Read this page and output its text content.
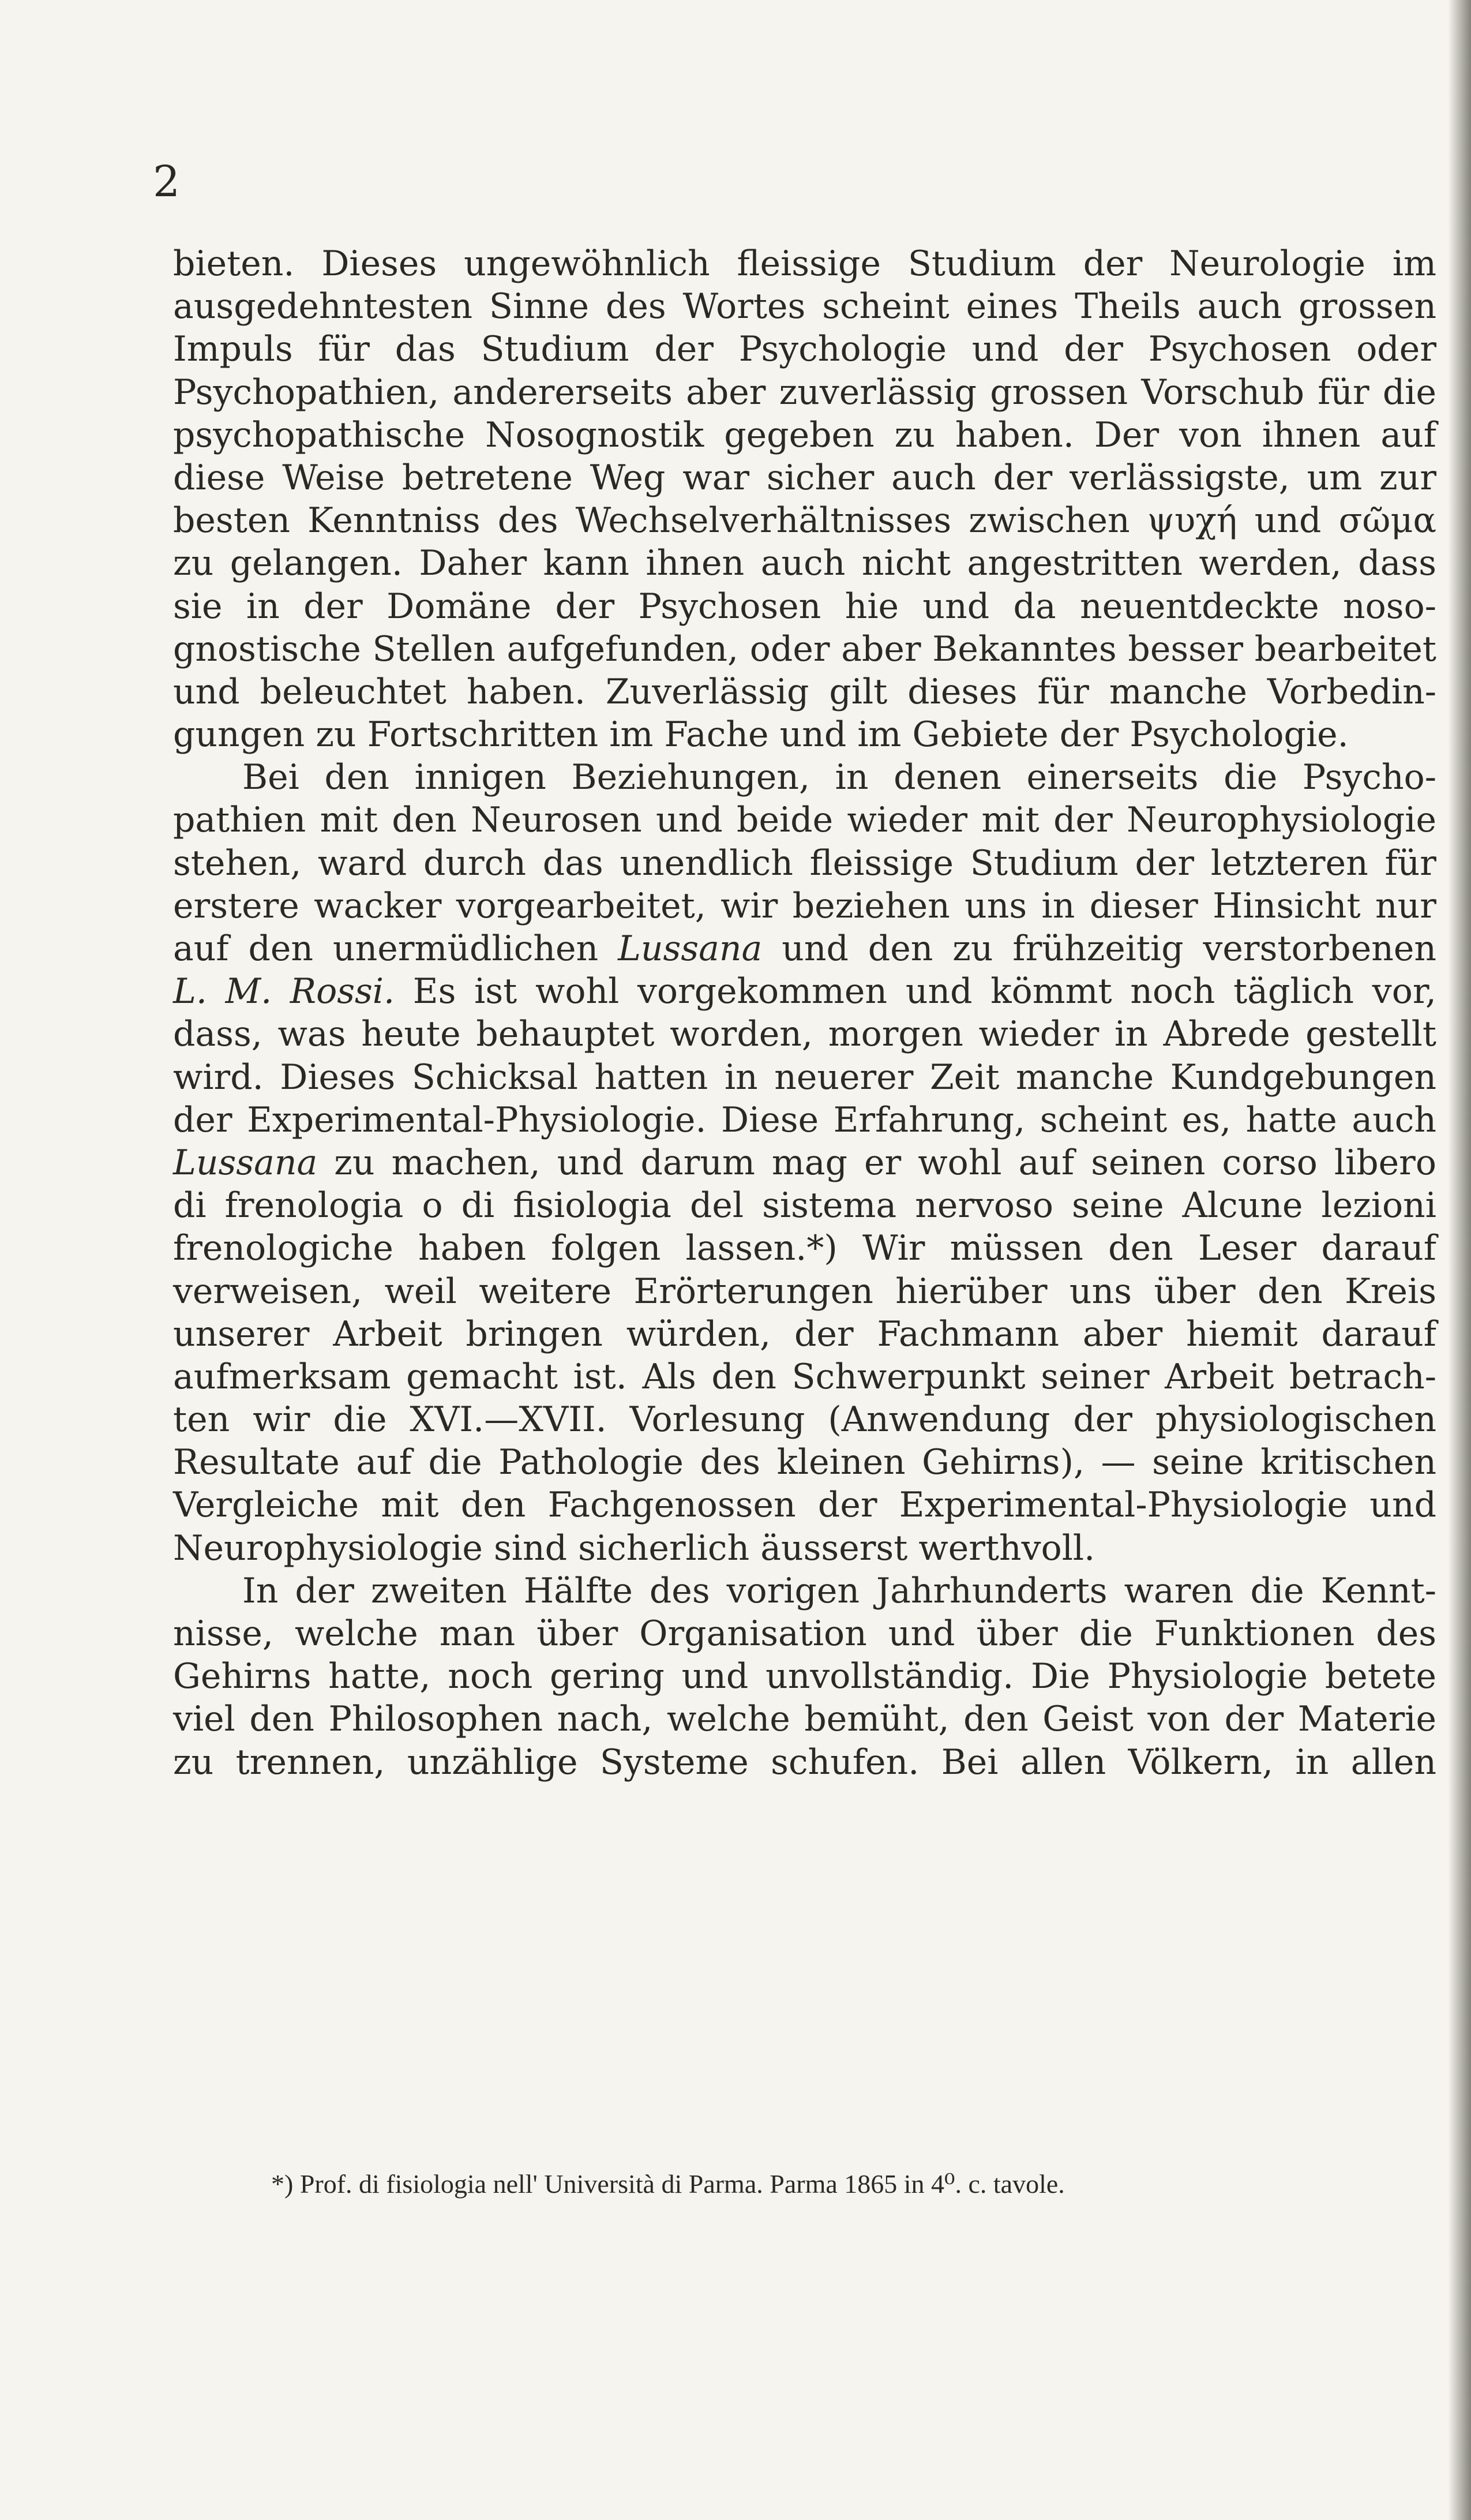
2
bieten. Dieses ungewöhnlich fleissige Studium der Neurologie im
ausgedehntesten Sinne des Wortes scheint eines Theils auch grossen
Impuls für das Studium der Psychologie und der Psychosen oder
Psychopathien, andererseits aber zuverlässig grossen Vorschub für die
psychopathische Nosognostik gegeben zu haben. Der von ihnen auf
diese Weise betretene Weg war sicher auch der verlässigste, um zur
besten Kenntniss des Wechselverhältnisses zwischen ψυχή und σῶμα
zu gelangen. Daher kann ihnen auch nicht angestritten werden, dass
sie in der Domäne der Psychosen hie und da neuentdeckte noso-
gnostische Stellen aufgefunden, oder aber Bekanntes besser bearbeitet
und beleuchtet haben. Zuverlässig gilt dieses für manche Vorbedin-
gungen zu Fortschritten im Fache und im Gebiete der Psychologie.
Bei den innigen Beziehungen, in denen einerseits die Psycho-
pathien mit den Neurosen und beide wieder mit der Neurophysiologie
stehen, ward durch das unendlich fleissige Studium der letzteren für
erstere wacker vorgearbeitet, wir beziehen uns in dieser Hinsicht nur
auf den unermüdlichen Lussana und den zu frühzeitig verstorbenen
L. M. Rossi. Es ist wohl vorgekommen und kömmt noch täglich vor,
dass, was heute behauptet worden, morgen wieder in Abrede gestellt
wird. Dieses Schicksal hatten in neuerer Zeit manche Kundgebungen
der Experimental-Physiologie. Diese Erfahrung, scheint es, hatte auch
Lussana zu machen, und darum mag er wohl auf seinen corso libero
di frenologia o di fisiologia del sistema nervoso seine Alcune lezioni
frenologiche haben folgen lassen.*) Wir müssen den Leser darauf
verweisen, weil weitere Erörterungen hierüber uns über den Kreis
unserer Arbeit bringen würden, der Fachmann aber hiemit darauf
aufmerksam gemacht ist. Als den Schwerpunkt seiner Arbeit betrach-
ten wir die XVI.—XVII. Vorlesung (Anwendung der physiologischen
Resultate auf die Pathologie des kleinen Gehirns), — seine kritischen
Vergleiche mit den Fachgenossen der Experimental-Physiologie und
Neurophysiologie sind sicherlich äusserst werthvoll.
In der zweiten Hälfte des vorigen Jahrhunderts waren die Kennt-
nisse, welche man über Organisation und über die Funktionen des
Gehirns hatte, noch gering und unvollständig. Die Physiologie betete
viel den Philosophen nach, welche bemüht, den Geist von der Materie
zu trennen, unzählige Systeme schufen. Bei allen Völkern, in allen
*) Prof. di fisiologia nell' Università di Parma. Parma 1865 in 4⁰. c. tavole.
